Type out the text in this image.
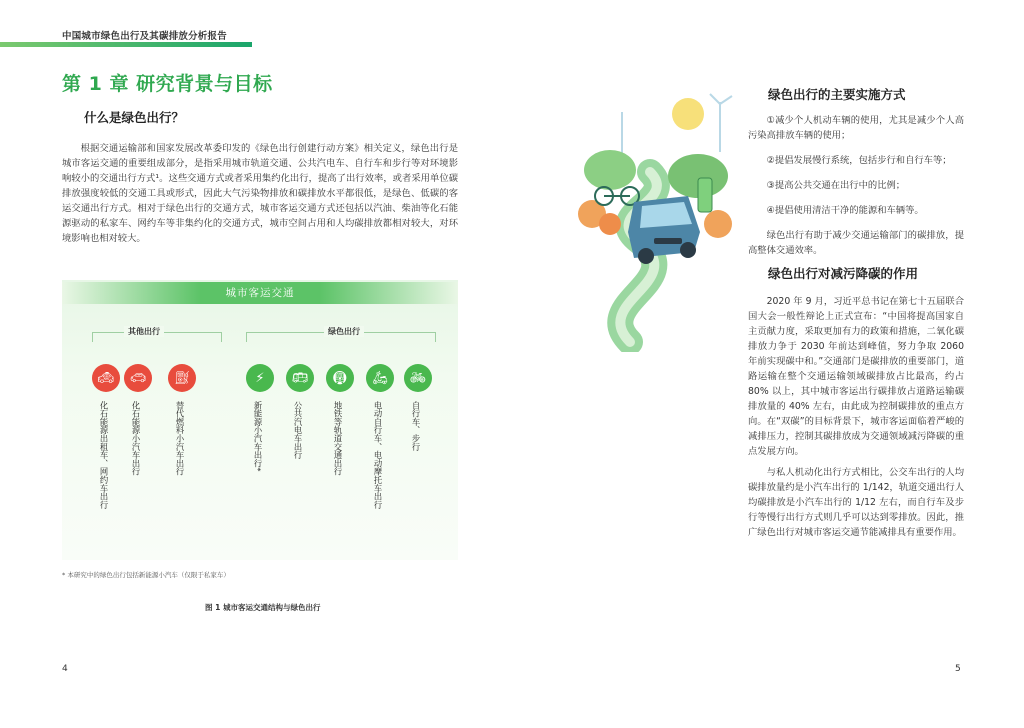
中国城市绿色出行及其碳排放分析报告
第 1 章 研究背景与目标
什么是绿色出行？

根据交通运输部和国家发展改革委印发的《绿色出行创建行动方案》相关定义，绿色出行是城市客运交通的重要组成部分，是指采用城市轨道交通、公共汽电车、自行车和步行等对环境影响较小的交通出行方式¹。这些交通方式或者采用集约化出行，提高了出行效率，或者采用单位碳排放强度较低的交通工具或形式，因此大气污染物排放和碳排放水平都很低，是绿色、低碳的客运交通出行方式。相对于绿色出行的交通方式，城市客运交通方式还包括以汽油、柴油等化石能源驱动的私家车、网约车等非集约化的交通方式，城市空间占用和人均碳排放都相对较大，对环境影响也相对较大。

城市客运交通
其他出行	绿色出行
🚕︎
化石能源出租车、网约车出行
🚗︎
化石能源小汽车出行
⛽︎
替代燃料小汽车出行
⚡︎
新能源小汽车出行*
🚌︎
公共汽电车出行
🚇︎
地铁等轨道交通出行
🛵︎
电动自行车、电动摩托车出行
🚲︎
自行车、步行
* 本研究中的绿色出行包括新能源小汽车（仅限于私家车）
图 1 城市客运交通结构与绿色出行
4
绿色出行的主要实施方式

①减少个人机动车辆的使用，尤其是减少个人高污染高排放车辆的使用；

②提倡发展慢行系统，包括步行和自行车等；

③提高公共交通在出行中的比例；

④提倡使用清洁干净的能源和车辆等。

绿色出行有助于减少交通运输部门的碳排放，提高整体交通效率。

绿色出行对减污降碳的作用

2020 年 9 月，习近平总书记在第七十五届联合国大会一般性辩论上正式宣布：“中国将提高国家自主贡献力度，采取更加有力的政策和措施，二氧化碳排放力争于 2030 年前达到峰值，努力争取 2060 年前实现碳中和。”交通部门是碳排放的重要部门，道路运输在整个交通运输领域碳排放占比最高，约占 80% 以上，其中城市客运出行碳排放占道路运输碳排放量的 40% 左右，由此成为控制碳排放的重点方向。在“双碳”的目标背景下，城市客运面临着严峻的减排压力，控制其碳排放成为交通领域减污降碳的重点发展方向。

与私人机动化出行方式相比，公交车出行的人均碳排放量约是小汽车出行的 1/142，轨道交通出行人均碳排放是小汽车出行的 1/12 左右，而自行车及步行等慢行出行方式则几乎可以达到零排放。因此，推广绿色出行对城市客运交通节能减排具有重要作用。

5
